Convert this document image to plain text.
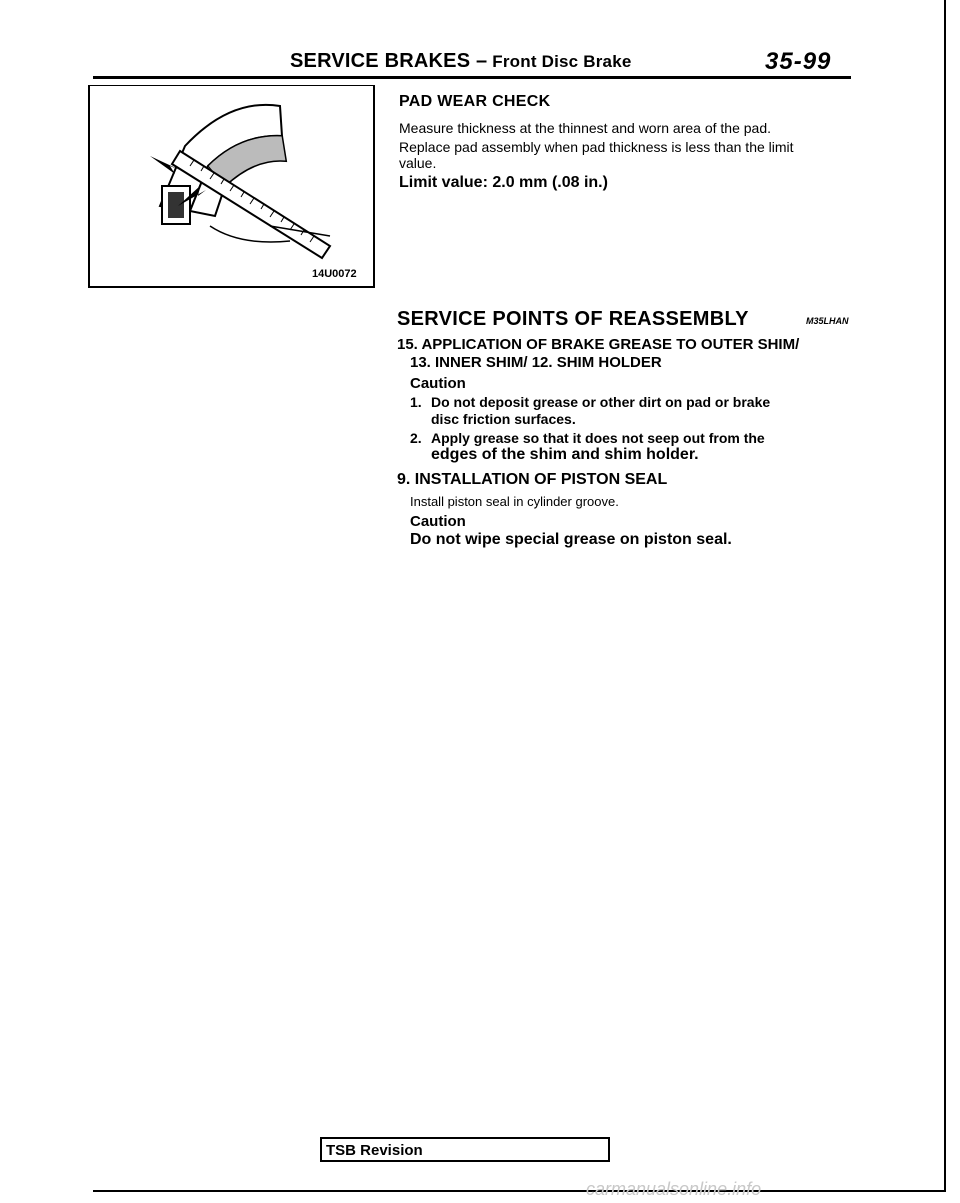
SERVICE BRAKES – Front Disc Brake	35-99
14U0072
PAD WEAR CHECK
Measure thickness at the thinnest and worn area of the pad.
Replace pad assembly when pad thickness is less than the limit
value.
Limit value: 2.0 mm (.08 in.)
SERVICE POINTS OF REASSEMBLY	M35LHAN
15. APPLICATION OF BRAKE GREASE TO OUTER SHIM/
13. INNER SHIM/ 12. SHIM HOLDER
Caution
1. Do not deposit grease or other dirt on pad or brake
disc friction surfaces.
2. Apply grease so that it does not seep out from the
edges of the shim and shim holder.
9. INSTALLATION OF PISTON SEAL
Install piston seal in cylinder groove.
Caution
Do not wipe special grease on piston seal.
TSB Revision
carmanualsonline.info
